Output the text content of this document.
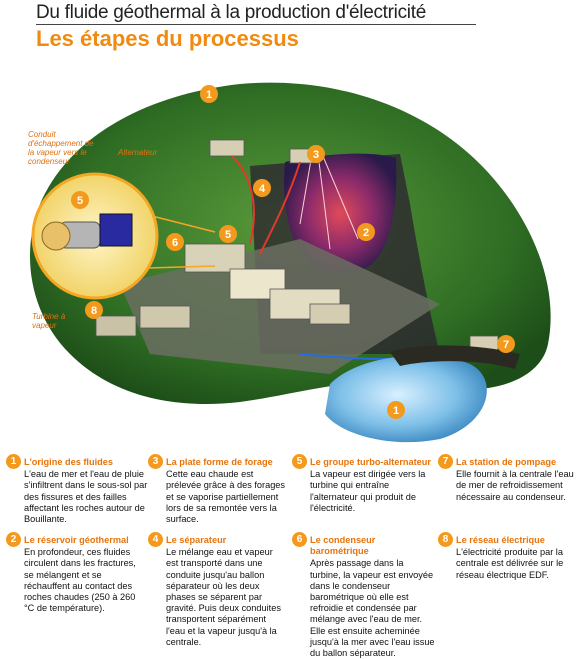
Du fluide géothermal à la production d'électricité
Les étapes du processus
1
3
4
2
5
6
5
8
7
1
Conduit d'échappement de la vapeur vers le condenseur
Alternateur
Turbine à vapeur
1 L'origine des fluides
L'eau de mer et l'eau de pluie s'infiltrent dans le sous-sol par des fissures et des failles affectant les roches autour de Bouillante.
2 Le réservoir géothermal
En profondeur, ces fluides circulent dans les fractures, se mélangent et se réchauffent au contact des roches chaudes (250 à 260 °C de température).
3 La plate forme de forage
Cette eau chaude est prélevée grâce à des forages et se vaporise partiellement lors de sa remontée vers la surface.
4 Le séparateur
Le mélange eau et vapeur est transporté dans une conduite jusqu'au ballon séparateur où les deux phases se séparent par gravité. Puis deux conduites transportent séparément l'eau et la vapeur jusqu'à la centrale.
5 Le groupe turbo-alternateur
La vapeur est dirigée vers la turbine qui entraîne l'alternateur qui produit de l'électricité.
6 Le condenseur barométrique
Après passage dans la turbine, la vapeur est envoyée dans le condenseur barométrique où elle est refroidie et condensée par mélange avec l'eau de mer. Elle est ensuite acheminée jusqu'à la mer avec l'eau issue du ballon séparateur.
7 La station de pompage
Elle fournit à la centrale l'eau de mer de refroidissement nécessaire au condenseur.
8 Le réseau électrique
L'électricité produite par la centrale est délivrée sur le réseau électrique EDF.
